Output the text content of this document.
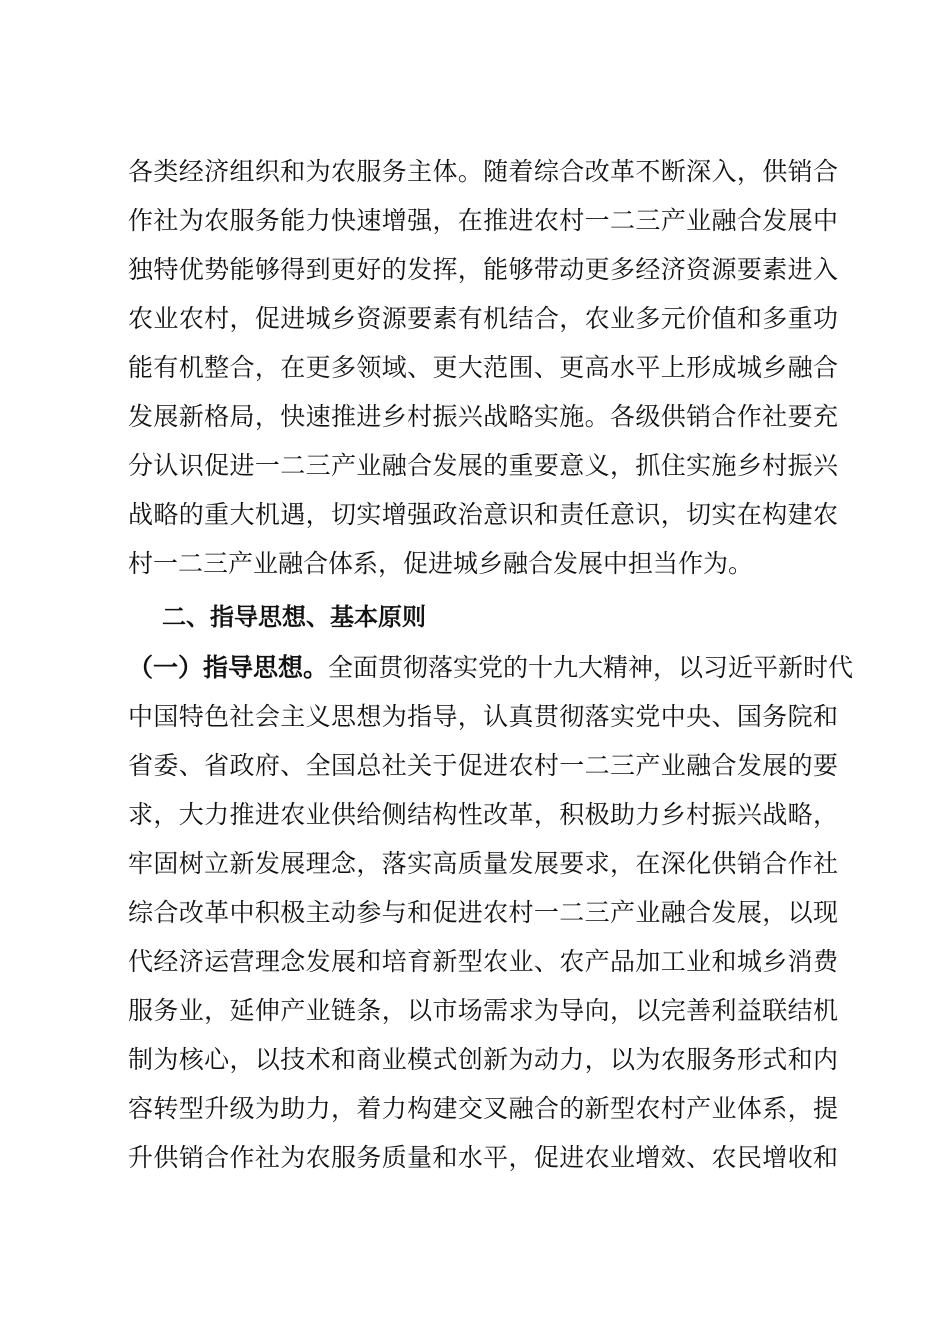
各类经济组织和为农服务主体。随着综合改革不断深入，供销合
作社为农服务能力快速增强，在推进农村一二三产业融合发展中
独特优势能够得到更好的发挥，能够带动更多经济资源要素进入
农业农村，促进城乡资源要素有机结合，农业多元价值和多重功
能有机整合，在更多领域、更大范围、更高水平上形成城乡融合
发展新格局，快速推进乡村振兴战略实施。各级供销合作社要充
分认识促进一二三产业融合发展的重要意义，抓住实施乡村振兴
战略的重大机遇，切实增强政治意识和责任意识，切实在构建农
村一二三产业融合体系，促进城乡融合发展中担当作为。
二、指导思想、基本原则
（一）指导思想。全面贯彻落实党的十九大精神，以习近平新时代
中国特色社会主义思想为指导，认真贯彻落实党中央、国务院和
省委、省政府、全国总社关于促进农村一二三产业融合发展的要
求，大力推进农业供给侧结构性改革，积极助力乡村振兴战略，
牢固树立新发展理念，落实高质量发展要求，在深化供销合作社
综合改革中积极主动参与和促进农村一二三产业融合发展，以现
代经济运营理念发展和培育新型农业、农产品加工业和城乡消费
服务业，延伸产业链条，以市场需求为导向，以完善利益联结机
制为核心，以技术和商业模式创新为动力，以为农服务形式和内
容转型升级为助力，着力构建交叉融合的新型农村产业体系，提
升供销合作社为农服务质量和水平，促进农业增效、农民增收和
